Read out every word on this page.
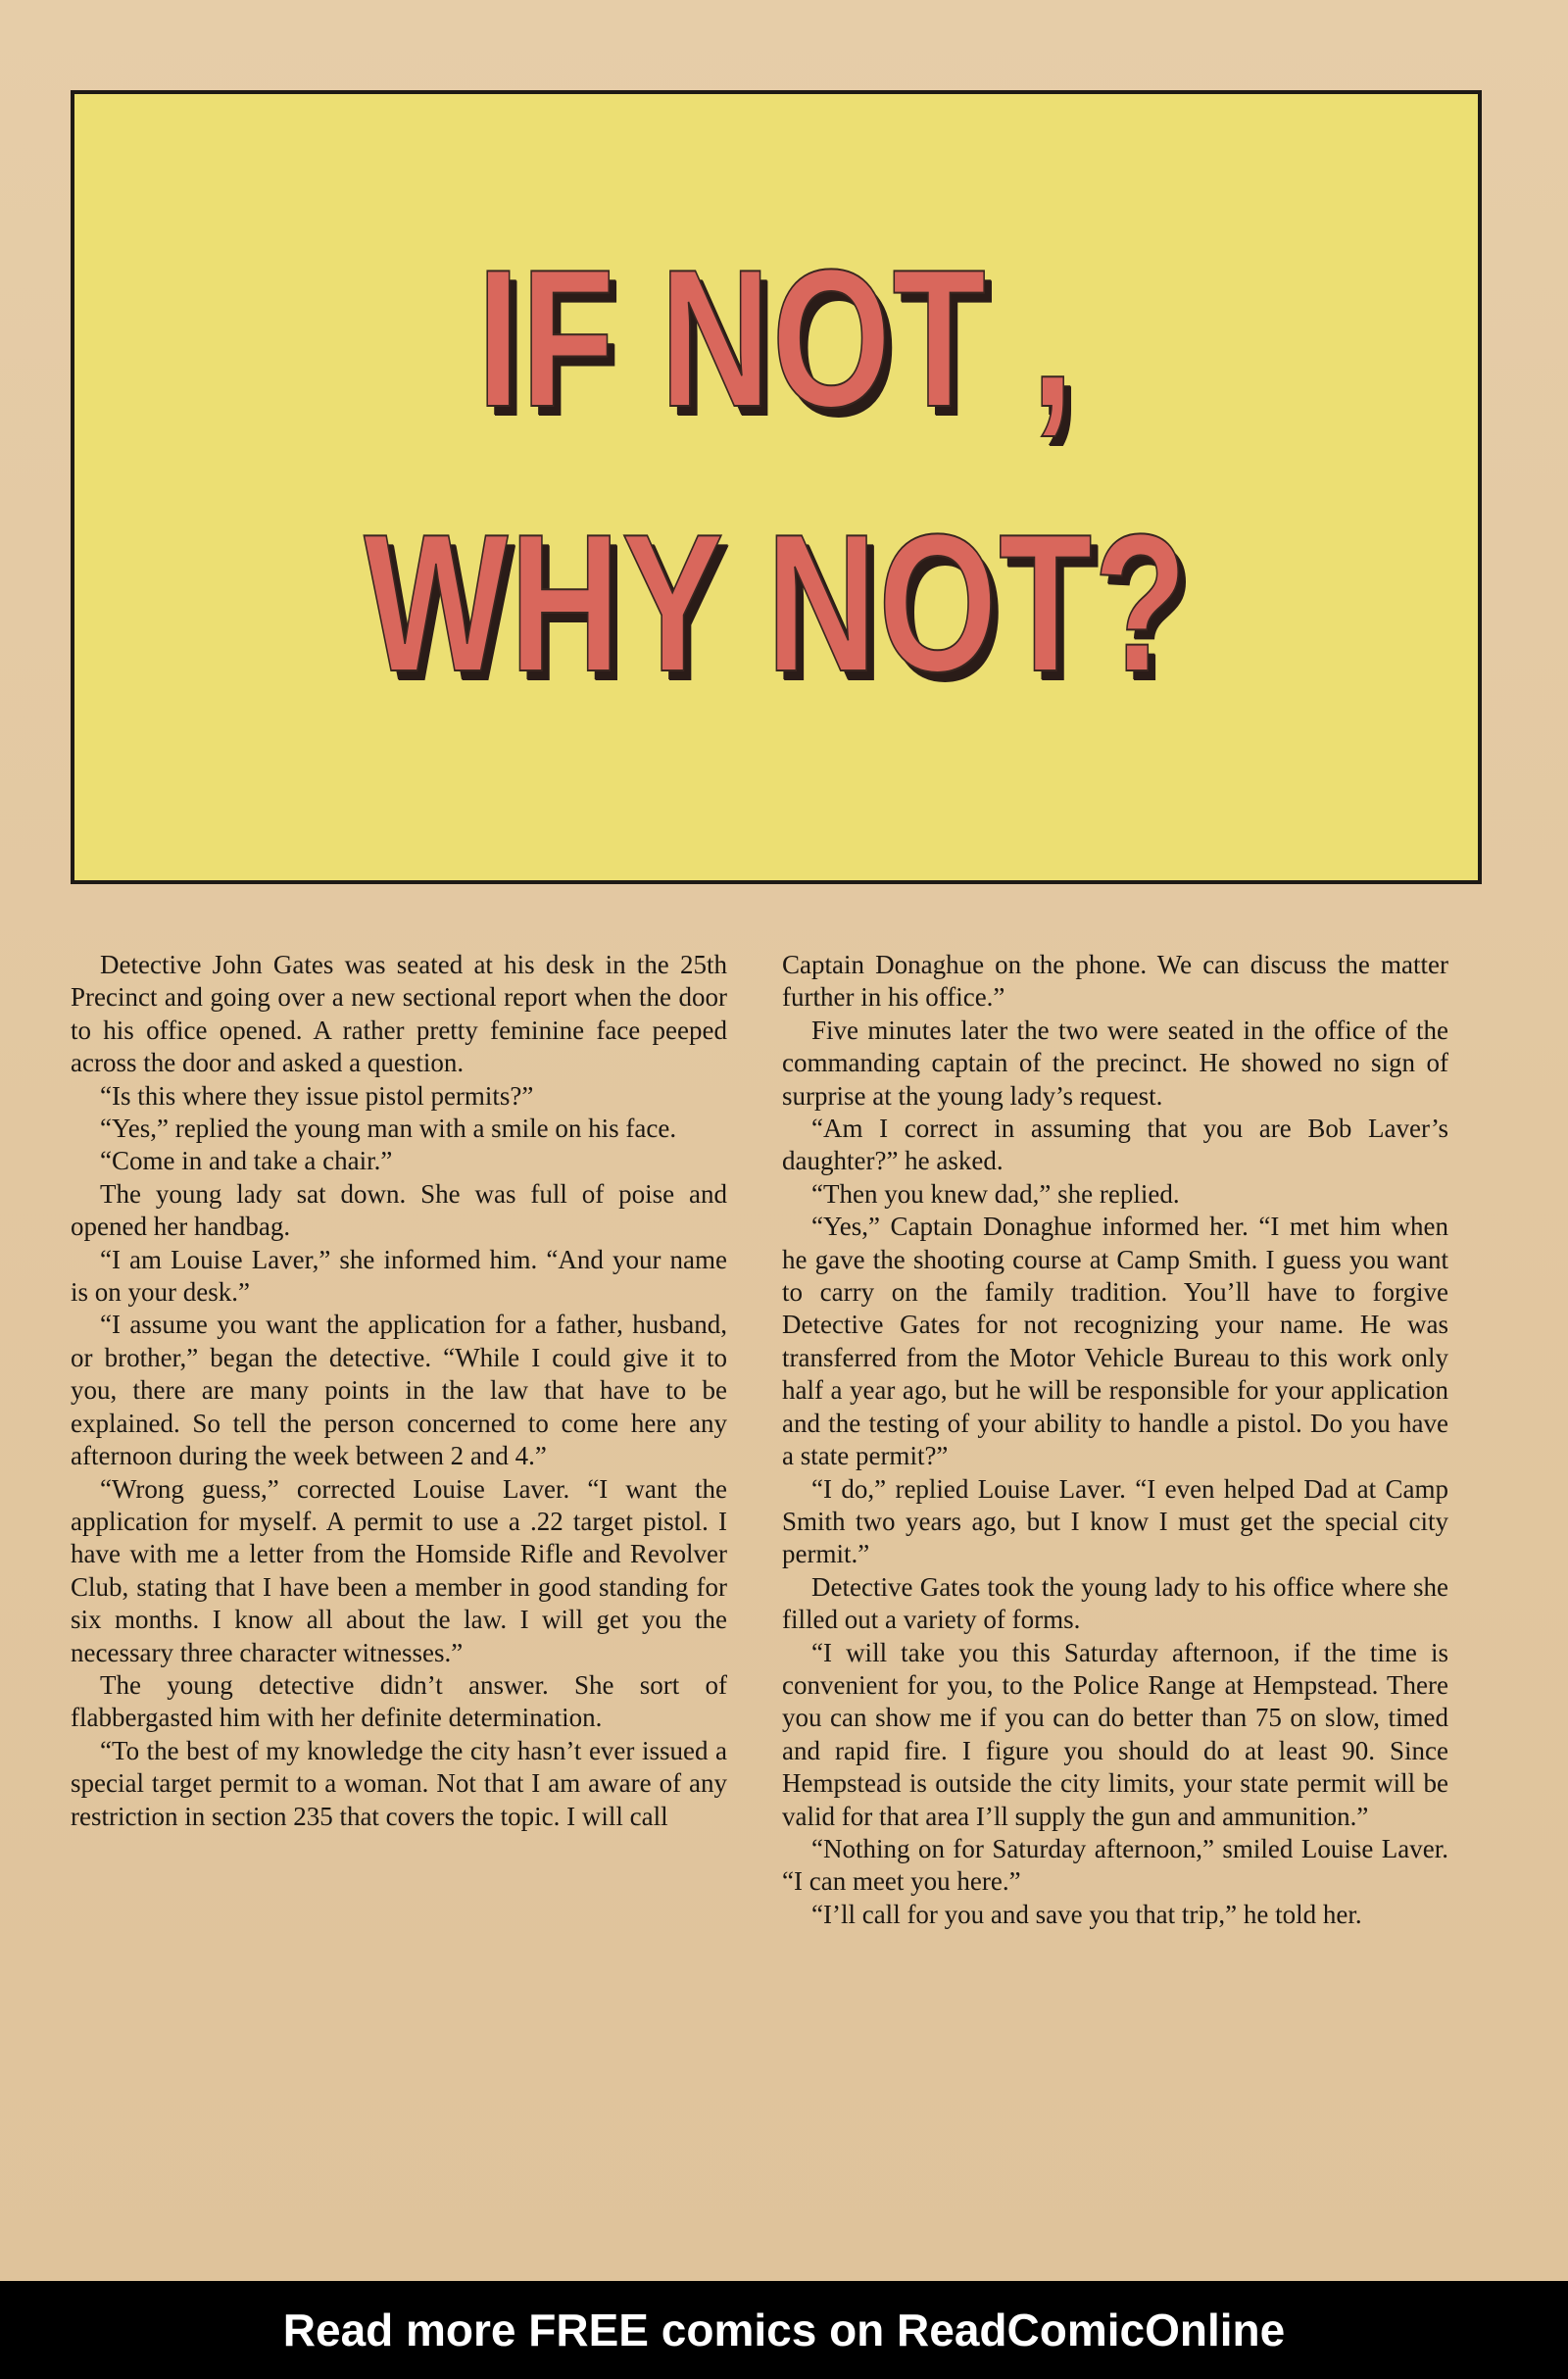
IF NOT ,
WHY NOT?

Detective John Gates was seated at his desk in the 25th Precinct and going over a new sectional report when the door to his office opened. A rather pretty feminine face peeped across the door and asked a question.

“Is this where they issue pistol permits?”

“Yes,” replied the young man with a smile on his face.

“Come in and take a chair.”

The young lady sat down. She was full of poise and opened her handbag.

“I am Louise Laver,” she informed him. “And your name is on your desk.”

“I assume you want the application for a father, husband, or brother,” began the detective. “While I could give it to you, there are many points in the law that have to be explained. So tell the person concerned to come here any afternoon during the week between 2 and 4.”

“Wrong guess,” corrected Louise Laver. “I want the application for myself. A permit to use a .22 target pistol. I have with me a letter from the Homside Rifle and Revolver Club, stating that I have been a member in good standing for six months. I know all about the law. I will get you the necessary three character witnesses.”

The young detective didn’t answer. She sort of flabbergasted him with her definite determination.

“To the best of my knowledge the city hasn’t ever issued a special target permit to a woman. Not that I am aware of any restriction in section 235 that covers the topic. I will call

Captain Donaghue on the phone. We can discuss the matter further in his office.”

Five minutes later the two were seated in the office of the commanding captain of the precinct. He showed no sign of surprise at the young lady’s request.

“Am I correct in assuming that you are Bob Laver’s daughter?” he asked.

“Then you knew dad,” she replied.

“Yes,” Captain Donaghue informed her. “I met him when he gave the shooting course at Camp Smith. I guess you want to carry on the family tradition. You’ll have to forgive Detective Gates for not recognizing your name. He was transferred from the Motor Vehicle Bureau to this work only half a year ago, but he will be responsible for your application and the testing of your ability to handle a pistol. Do you have a state permit?”

“I do,” replied Louise Laver. “I even helped Dad at Camp Smith two years ago, but I know I must get the special city permit.”

Detective Gates took the young lady to his office where she filled out a variety of forms.

“I will take you this Saturday afternoon, if the time is convenient for you, to the Police Range at Hempstead. There you can show me if you can do better than 75 on slow, timed and rapid fire. I figure you should do at least 90. Since Hempstead is outside the city limits, your state permit will be valid for that area I’ll supply the gun and ammunition.”

“Nothing on for Saturday afternoon,” smiled Louise Laver. “I can meet you here.”

“I’ll call for you and save you that trip,” he told her.

Read more FREE comics on ReadComicOnline
